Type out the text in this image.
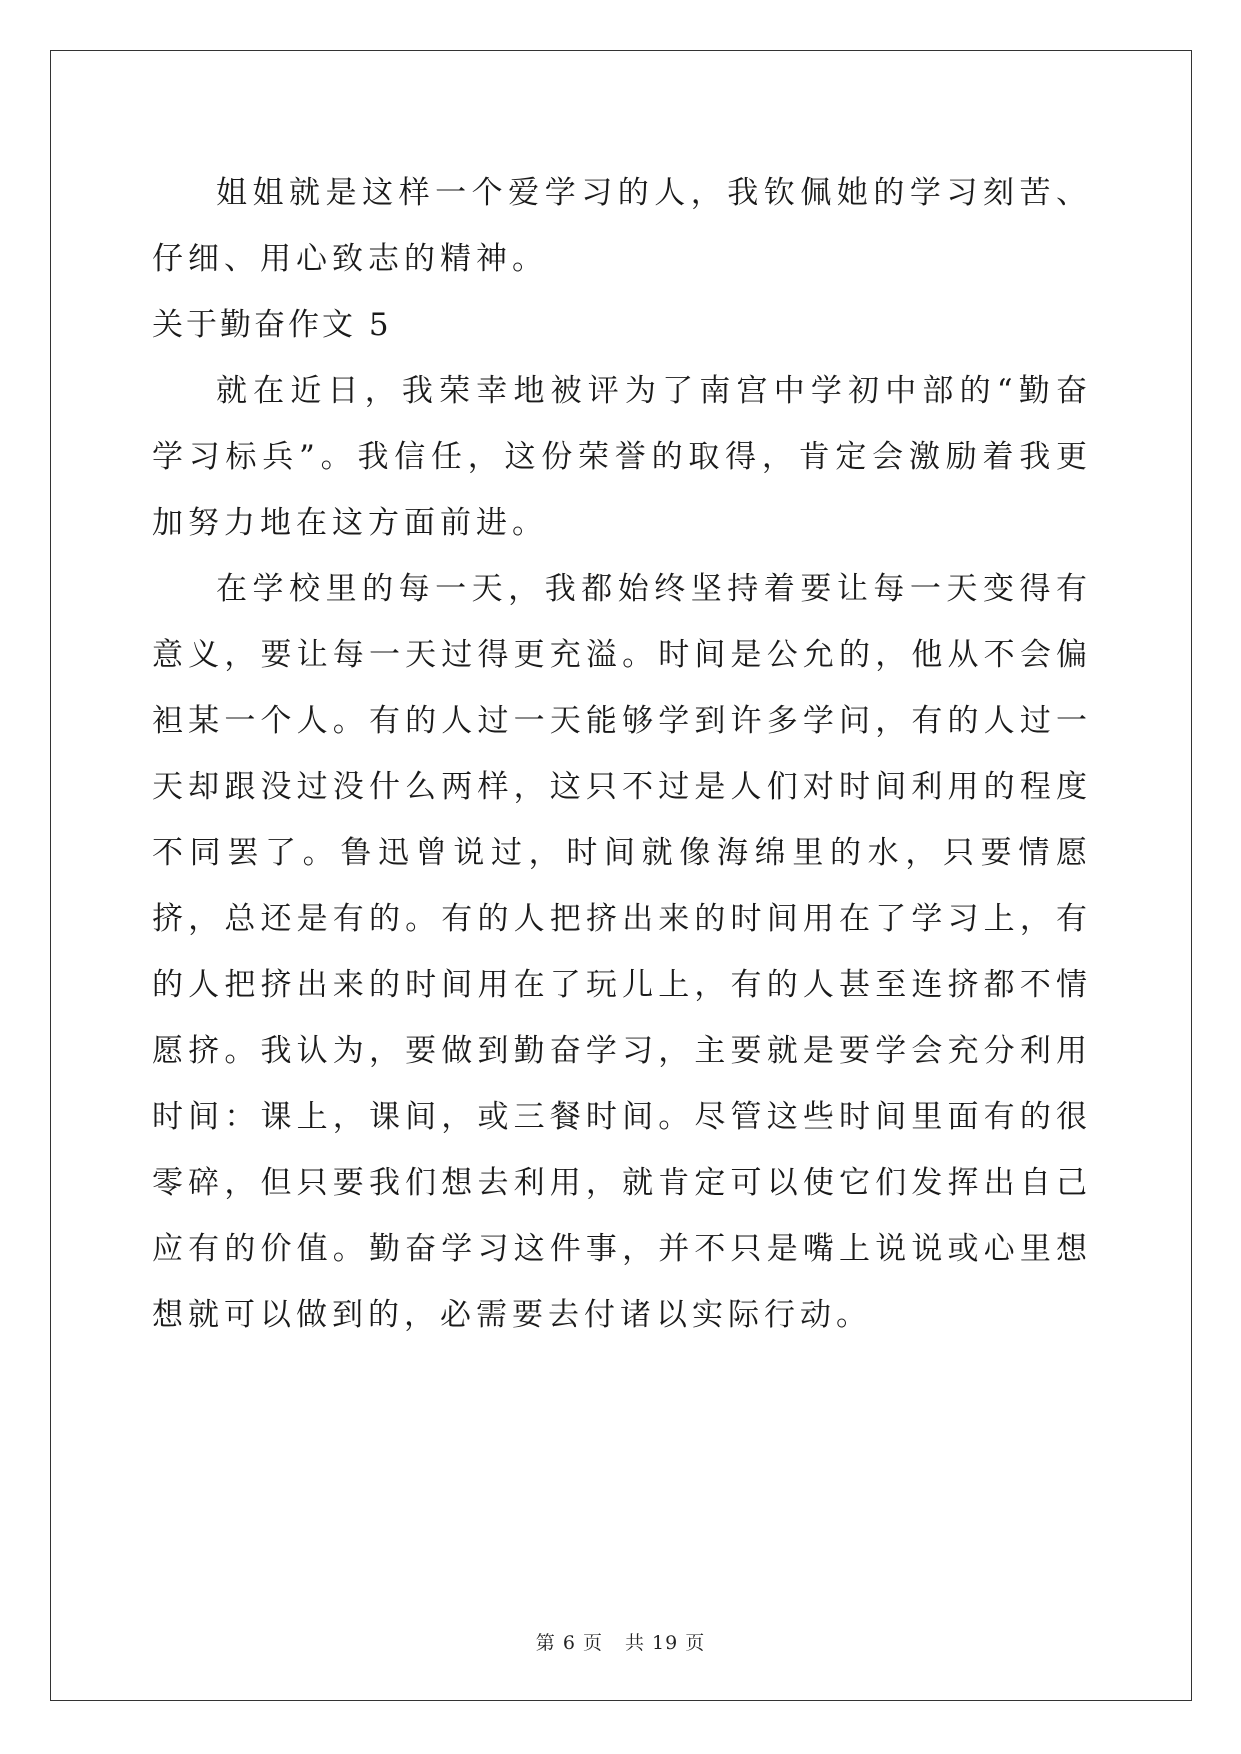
姐姐就是这样一个爱学习的人，我钦佩她的学习刻苦、仔细、用心致志的精神。

关于勤奋作文 5

就在近日，我荣幸地被评为了南宫中学初中部的“勤奋学习标兵”。我信任，这份荣誉的取得，肯定会激励着我更加努力地在这方面前进。

在学校里的每一天，我都始终坚持着要让每一天变得有意义，要让每一天过得更充溢。时间是公允的，他从不会偏袒某一个人。有的人过一天能够学到许多学问，有的人过一天却跟没过没什么两样，这只不过是人们对时间利用的程度不同罢了。鲁迅曾说过，时间就像海绵里的水，只要情愿挤，总还是有的。有的人把挤出来的时间用在了学习上，有的人把挤出来的时间用在了玩儿上，有的人甚至连挤都不情愿挤。我认为，要做到勤奋学习，主要就是要学会充分利用时间：课上，课间，或三餐时间。尽管这些时间里面有的很零碎，但只要我们想去利用，就肯定可以使它们发挥出自己应有的价值。勤奋学习这件事，并不只是嘴上说说或心里想想就可以做到的，必需要去付诸以实际行动。

第 6 页 共 19 页
